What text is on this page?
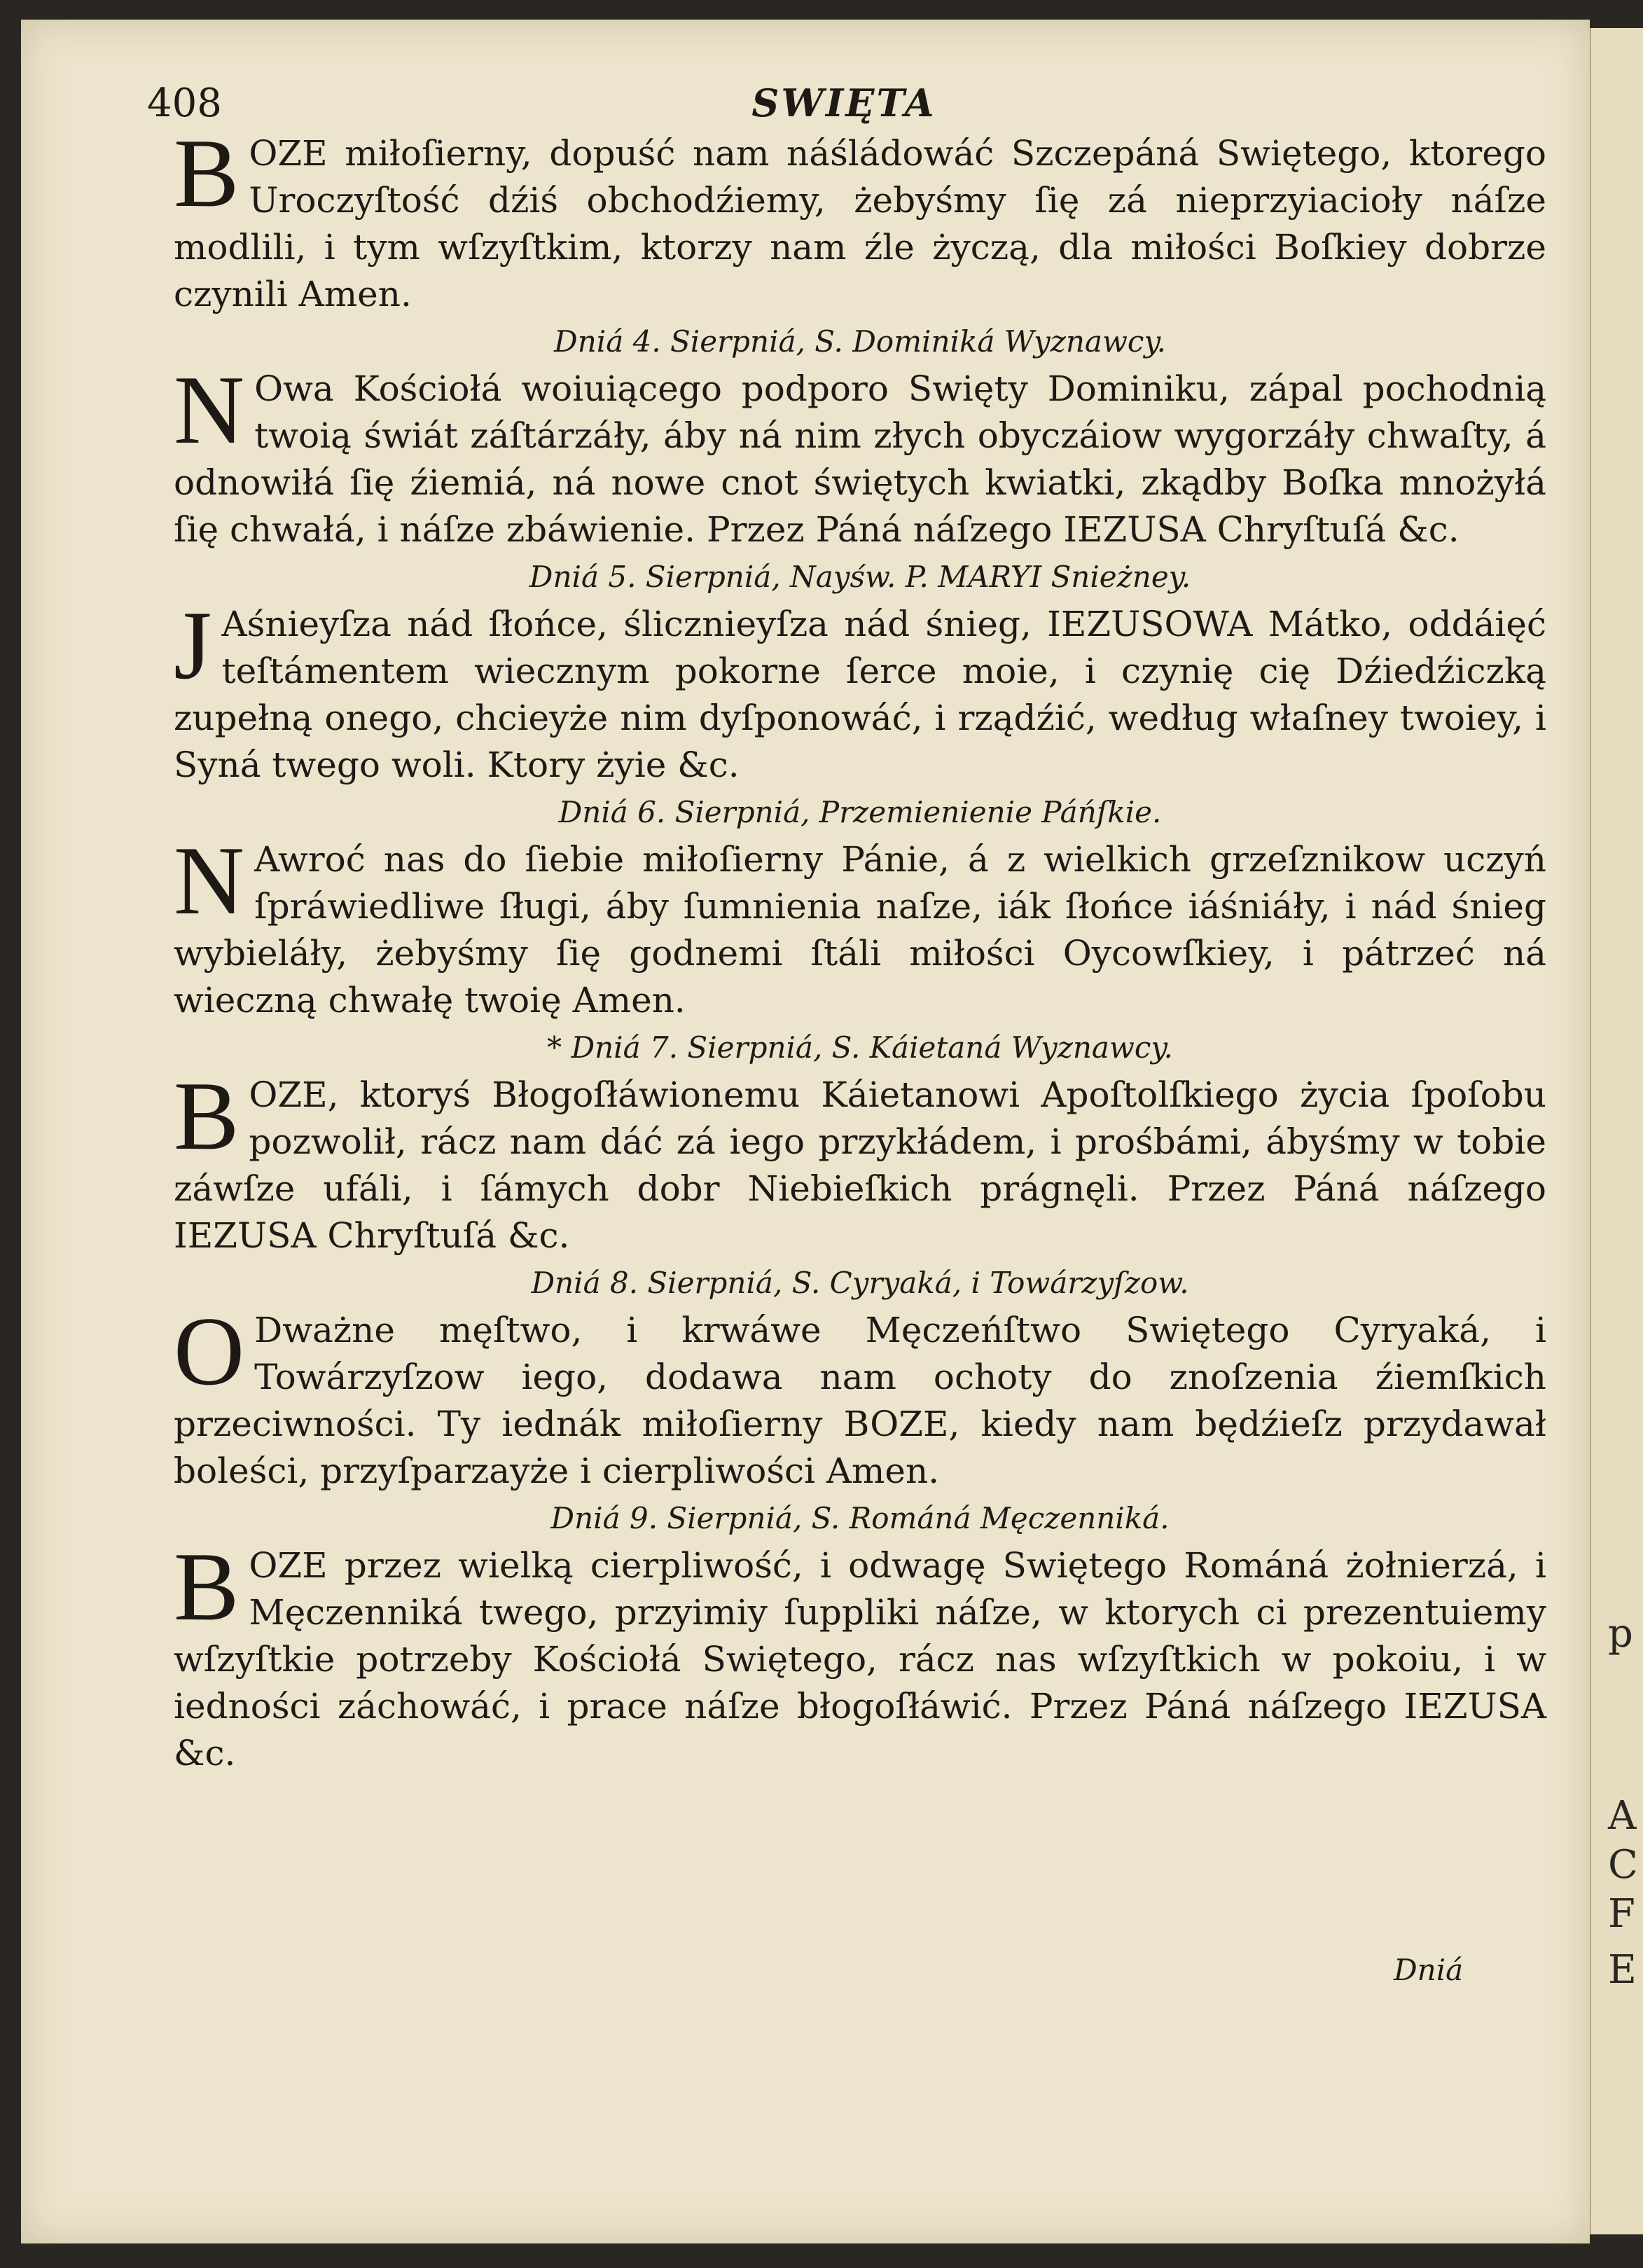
p
A
C
F
E
408	SWIĘTA

BOZE miłoſierny, dopuść nam náśládowáć Szczepáná Swiętego, ktorego Uroczyſtość dźiś obchodźiemy, żebyśmy ſię zá nieprzyiacioły náſze modlili, i tym wſzyſtkim, ktorzy nam źle życzą, dla miłości Boſkiey dobrze czynili Amen.

Dniá 4. Sierpniá, S. Dominiká Wyznawcy.

N Owa Kościołá woiuiącego podporo Swięty Dominiku, zápal pochodnią twoią świát záſtárzáły, áby ná nim złych obyczáiow wygorzáły chwaſty, á odnowiłá ſię źiemiá, ná nowe cnot świętych kwiatki, zkądby Boſka mnożyłá ſię chwałá, i náſze zbáwienie. Przez Páná náſzego IEZUSA Chryſtuſá &c.

Dniá 5. Sierpniá, Nayśw. P. MARYI Snieżney.

J Aśnieyſza nád ſłońce, ślicznieyſza nád śnieg, IEZUSOWA Mátko, oddáięć teſtámentem wiecznym pokorne ſerce moie, i czynię cię Dźiedźiczką zupełną onego, chcieyże nim dyſponowáć, i rządźić, według właſney twoiey, i Syná twego woli. Ktory żyie &c.

Dniá 6. Sierpniá, Przemienienie Páńſkie.

N Awroć nas do ſiebie miłoſierny Pánie, á z wielkich grzeſznikow uczyń ſpráwiedliwe ſługi, áby ſumnienia naſze, iák ſłońce iáśniáły, i nád śnieg wybieláły, żebyśmy ſię godnemi ſtáli miłości Oycowſkiey, i pátrzeć ná wieczną chwałę twoię Amen.

* Dniá 7. Sierpniá, S. Káietaná Wyznawcy.

BOZE, ktoryś Błogoſłáwionemu Káietanowi Apoſtolſkiego życia ſpoſobu pozwolił, rácz nam dáć zá iego przykłádem, i prośbámi, ábyśmy w tobie záwſze ufáli, i ſámych dobr Niebieſkich prágnęli. Przez Páná náſzego IEZUSA Chryſtuſá &c.

Dniá 8. Sierpniá, S. Cyryaká, i Towárzyſzow.

O Dważne męſtwo, i krwáwe Męczeńſtwo Swiętego Cyryaká, i Towárzyſzow iego, dodawa nam ochoty do znoſzenia źiemſkich przeciwności. Ty iednák miłoſierny BOZE, kiedy nam będźieſz przydawał boleści, przyſparzayże i cierpliwości Amen.

Dniá 9. Sierpniá, S. Románá Męczenniká.

BOZE przez wielką cierpliwość, i odwagę Swiętego Románá żołnierzá, i Męczenniká twego, przyimiy ſuppliki náſze, w ktorych ci prezentuiemy wſzyſtkie potrzeby Kościołá Swiętego, rácz nas wſzyſtkich w pokoiu, i w iedności záchowáć, i prace náſze błogoſłáwić. Przez Páná náſzego IEZUSA &c.

Dniá
